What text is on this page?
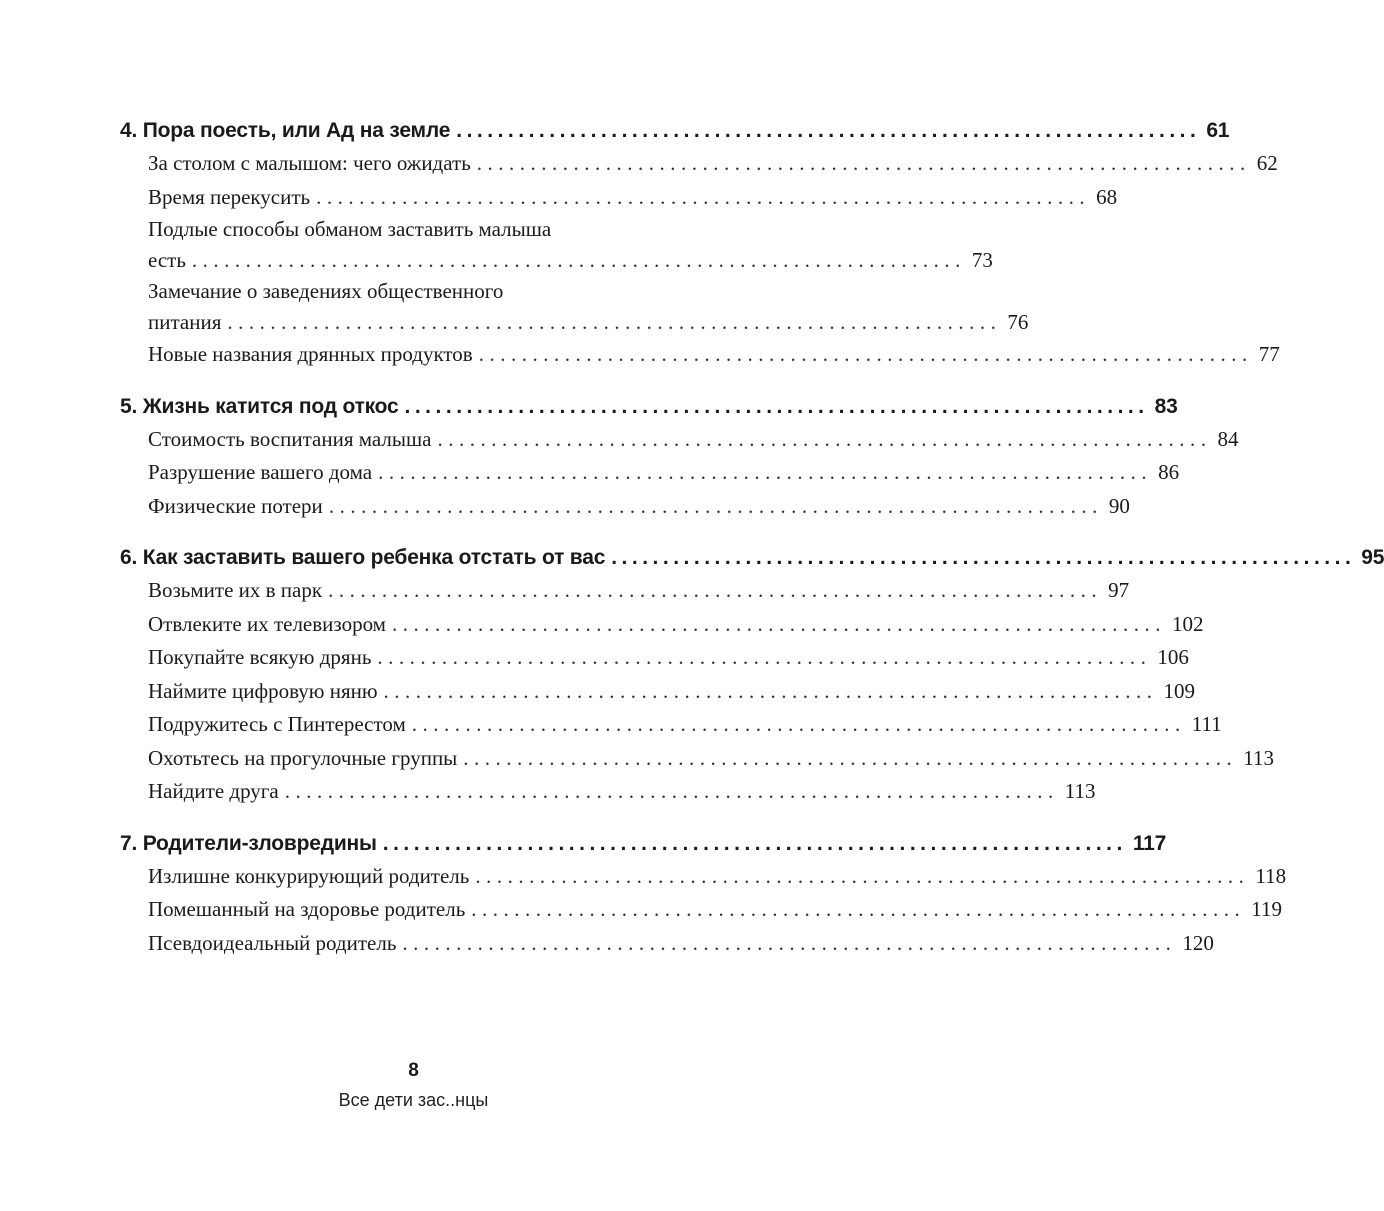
4. Пора поесть, или Ад на земле ........................................................................ 61
За столом с малышом: чего ожидать ........................................................................ 62
Время перекусить ........................................................................ 68
Подлые способы обманом заставить малыша
есть ........................................................................ 73
Замечание о заведениях общественного
питания ........................................................................ 76
Новые названия дрянных продуктов ........................................................................ 77
5. Жизнь катится под откос ........................................................................ 83
Стоимость воспитания малыша ........................................................................ 84
Разрушение вашего дома ........................................................................ 86
Физические потери ........................................................................ 90
6. Как заставить вашего ребенка отстать от вас ........................................................................ 95
Возьмите их в парк ........................................................................ 97
Отвлеките их телевизором ........................................................................ 102
Покупайте всякую дрянь ........................................................................ 106
Наймите цифровую няню ........................................................................ 109
Подружитесь с Пинтерестом ........................................................................ 111
Охотьтесь на прогулочные группы ........................................................................ 113
Найдите друга ........................................................................ 113
7. Родители-зловредины ........................................................................ 117
Излишне конкурирующий родитель ........................................................................ 118
Помешанный на здоровье родитель ........................................................................ 119
Псевдоидеальный родитель ........................................................................ 120
8
Все дети зас..нцы
